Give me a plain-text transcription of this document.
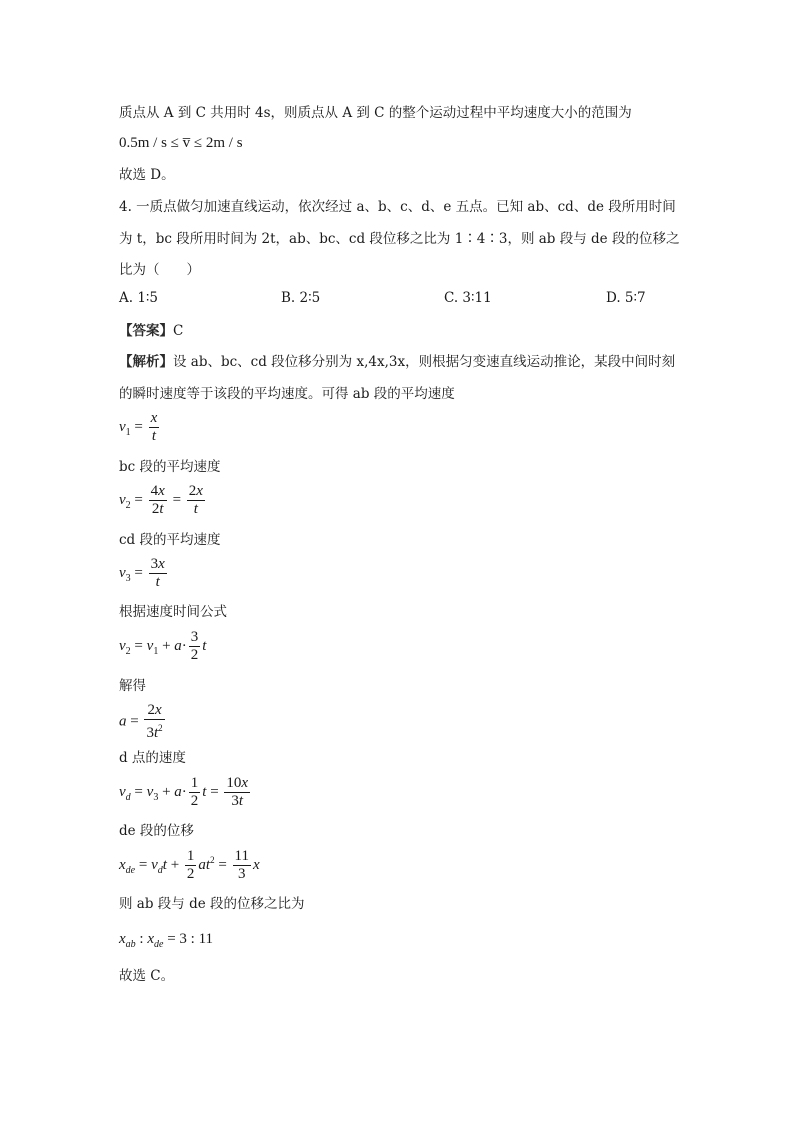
质点从 A 到 C 共用时 4s，则质点从 A 到 C 的整个运动过程中平均速度大小的范围为
0.5m / s ≤ v̅ ≤ 2m / s
故选 D。
4. 一质点做匀加速直线运动，依次经过 a、b、c、d、e 五点。已知 ab、cd、de 段所用时间
为 t，bc 段所用时间为 2t，ab、bc、cd 段位移之比为 1∶4∶3，则 ab 段与 de 段的位移之
比为（　　）
A. 1∶5	B. 2∶5	C. 3∶11	D. 5∶7
【答案】C
【解析】设 ab、bc、cd 段位移分别为 x,4x,3x，则根据匀变速直线运动推论，某段中间时刻
的瞬时速度等于该段的平均速度。可得 ab 段的平均速度
$v_1 = \frac{x}{t}$
bc 段的平均速度
$v_2 = \frac{4x}{2t} = \frac{2x}{t}$
cd 段的平均速度
$v_3 = \frac{3x}{t}$
根据速度时间公式
$v_2 = v_1 + a\cdot \frac{3}{2}$ t
解得
$a = \frac{2x}{3t^2}$
d 点的速度
$v_d = v_3 + a\cdot \frac{1}{2}$ $t = \frac{10x}{3t}$
de 段的位移
$x_{de} = v_dt + \frac{1}{2} at^2 = \frac{11}{3}$ x
则 ab 段与 de 段的位移之比为
$x_{ab}$ : $x_{de} = 3$ : 11
故选 C。
